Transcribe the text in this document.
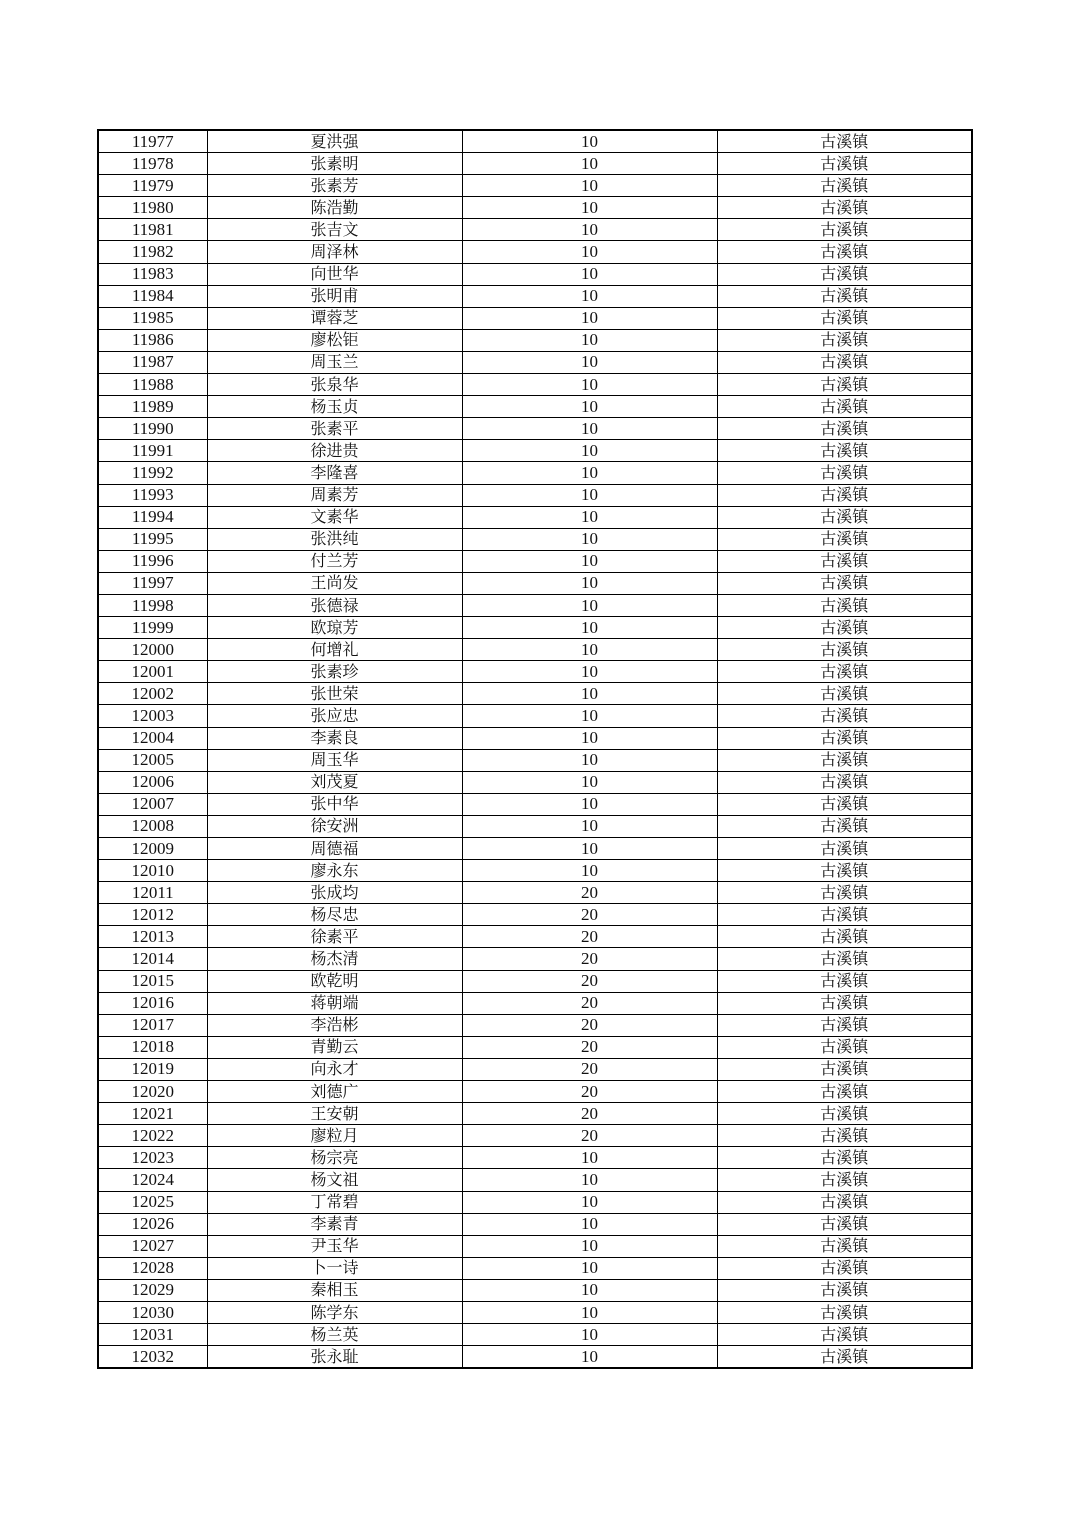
11977	夏洪强	10	古溪镇
11978	张素明	10	古溪镇
11979	张素芳	10	古溪镇
11980	陈浩勤	10	古溪镇
11981	张吉文	10	古溪镇
11982	周泽林	10	古溪镇
11983	向世华	10	古溪镇
11984	张明甫	10	古溪镇
11985	谭蓉芝	10	古溪镇
11986	廖松钜	10	古溪镇
11987	周玉兰	10	古溪镇
11988	张泉华	10	古溪镇
11989	杨玉贞	10	古溪镇
11990	张素平	10	古溪镇
11991	徐进贵	10	古溪镇
11992	李隆喜	10	古溪镇
11993	周素芳	10	古溪镇
11994	文素华	10	古溪镇
11995	张洪纯	10	古溪镇
11996	付兰芳	10	古溪镇
11997	王尚发	10	古溪镇
11998	张德禄	10	古溪镇
11999	欧琼芳	10	古溪镇
12000	何增礼	10	古溪镇
12001	张素珍	10	古溪镇
12002	张世荣	10	古溪镇
12003	张应忠	10	古溪镇
12004	李素良	10	古溪镇
12005	周玉华	10	古溪镇
12006	刘茂夏	10	古溪镇
12007	张中华	10	古溪镇
12008	徐安洲	10	古溪镇
12009	周德福	10	古溪镇
12010	廖永东	10	古溪镇
12011	张成均	20	古溪镇
12012	杨尽忠	20	古溪镇
12013	徐素平	20	古溪镇
12014	杨杰清	20	古溪镇
12015	欧乾明	20	古溪镇
12016	蒋朝端	20	古溪镇
12017	李浩彬	20	古溪镇
12018	青勤云	20	古溪镇
12019	向永才	20	古溪镇
12020	刘德广	20	古溪镇
12021	王安朝	20	古溪镇
12022	廖粒月	20	古溪镇
12023	杨宗亮	10	古溪镇
12024	杨文祖	10	古溪镇
12025	丁常碧	10	古溪镇
12026	李素青	10	古溪镇
12027	尹玉华	10	古溪镇
12028	卜一诗	10	古溪镇
12029	秦相玉	10	古溪镇
12030	陈学东	10	古溪镇
12031	杨兰英	10	古溪镇
12032	张永耻	10	古溪镇
